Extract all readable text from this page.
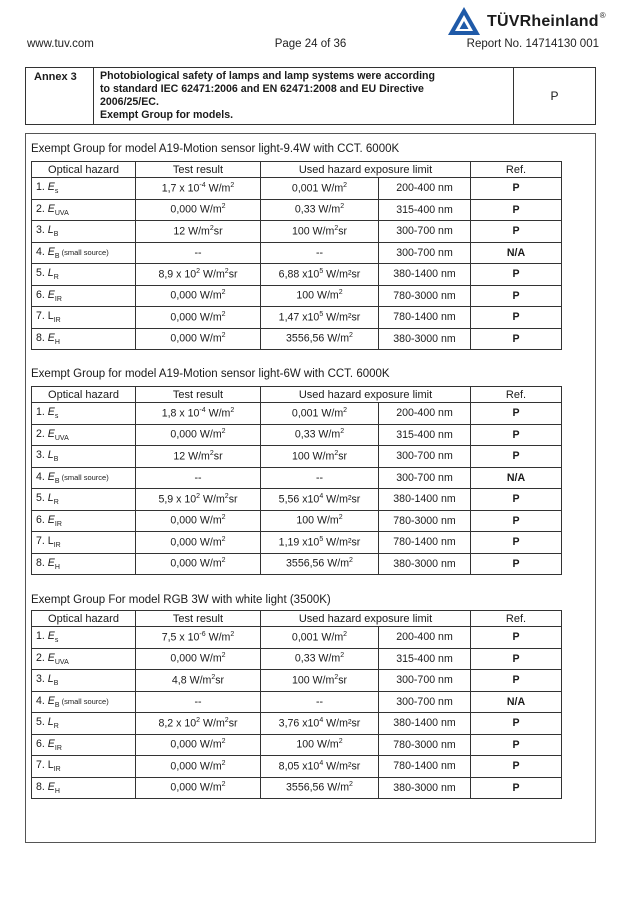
TÜVRheinland®
www.tuv.com	Page 24 of 36	Report No. 14714130 001
Annex 3	Photobiological safety of lamps and lamp systems were according
to standard IEC 62471:2006 and EN 62471:2008 and EU Directive
2006/25/EC.
Exempt Group for models.
P
Exempt Group for model A19-Motion sensor light-9.4W with CCT. 6000K
Optical hazard	Test result	Used hazard exposure limit		Ref.
1. $E_s$	1,7 x $10^{-4}$ $W/m^2$	0,001 $W/m^2$	200-400 nm	P
2. $E_{UVA}$	0,000 $W/m^2$	0,33 $W/m^2$	315-400 nm	P
3. $L_B$	12 $W/m^2sr$	100 $W/m^2sr$	300-700 nm	P
4. $E_B$ (small source)	--	--	300-700 nm	N/A
5. $L_R$	8,9 x $10^2$ $W/m^2sr$	6,88 $x10^5$ W/m²sr	380-1400 nm	P
6. $E_{IR}$	0,000 $W/m^2$	100 $W/m^2$	780-3000 nm	P
7. $L_{IR}$	0,000 $W/m^2$	1,47 $x10^5$ W/m²sr	780-1400 nm	P
8. $E_H$	0,000 $W/m^2$	3556,56 $W/m^2$	380-3000 nm	P
Exempt Group for model A19-Motion sensor light-6W with CCT. 6000K
Optical hazard	Test result	Used hazard exposure limit		Ref.
1. $E_s$	1,8 x $10^{-4}$ $W/m^2$	0,001 $W/m^2$	200-400 nm	P
2. $E_{UVA}$	0,000 $W/m^2$	0,33 $W/m^2$	315-400 nm	P
3. $L_B$	12 $W/m^2sr$	100 $W/m^2sr$	300-700 nm	P
4. $E_B$ (small source)	--	--	300-700 nm	N/A
5. $L_R$	5,9 x $10^2$ $W/m^2sr$	5,56 $x10^4$ W/m²sr	380-1400 nm	P
6. $E_{IR}$	0,000 $W/m^2$	100 $W/m^2$	780-3000 nm	P
7. $L_{IR}$	0,000 $W/m^2$	1,19 $x10^5$ W/m²sr	780-1400 nm	P
8. $E_H$	0,000 $W/m^2$	3556,56 $W/m^2$	380-3000 nm	P
Exempt Group For model RGB 3W with white light (3500K)
Optical hazard	Test result	Used hazard exposure limit		Ref.
1. $E_s$	7,5 x $10^{-6}$ $W/m^2$	0,001 $W/m^2$	200-400 nm	P
2. $E_{UVA}$	0,000 $W/m^2$	0,33 $W/m^2$	315-400 nm	P
3. $L_B$	4,8 $W/m^2sr$	100 $W/m^2sr$	300-700 nm	P
4. $E_B$ (small source)	--	--	300-700 nm	N/A
5. $L_R$	8,2 x $10^2$ $W/m^2sr$	3,76 $x10^4$ W/m²sr	380-1400 nm	P
6. $E_{IR}$	0,000 $W/m^2$	100 $W/m^2$	780-3000 nm	P
7. $L_{IR}$	0,000 $W/m^2$	8,05 $x10^4$ W/m²sr	780-1400 nm	P
8. $E_H$	0,000 $W/m^2$	3556,56 $W/m^2$	380-3000 nm	P
